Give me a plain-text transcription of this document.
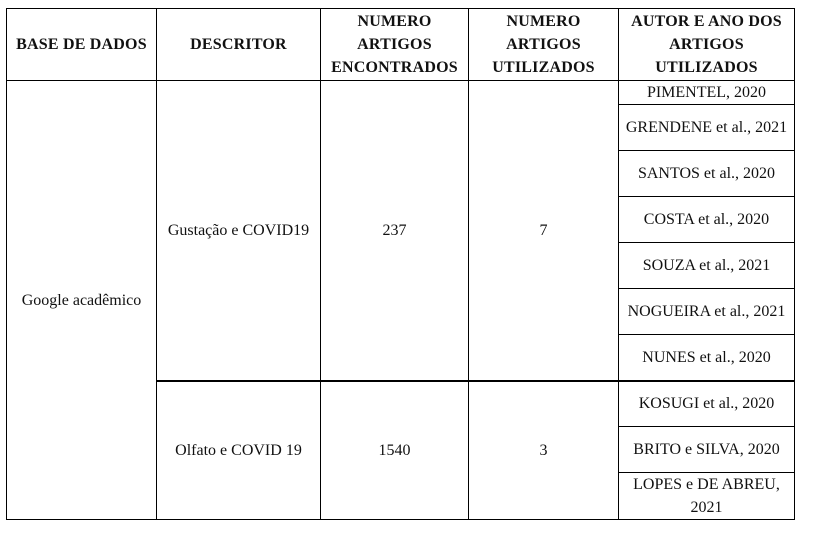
BASE DE DADOS	DESCRITOR	NUMERO ARTIGOS ENCONTRADOS	NUMERO ARTIGOS UTILIZADOS	AUTOR E ANO DOS ARTIGOS UTILIZADOS
Google acadêmico	Gustação e COVID19	237	7	PIMENTEL, 2020
				GRENDENE et al., 2021
				SANTOS et al., 2020
				COSTA et al., 2020
				SOUZA et al., 2021
				NOGUEIRA et al., 2021
				NUNES et al., 2020
	Olfato e COVID 19	1540	3	KOSUGI et al., 2020
				BRITO e SILVA, 2020
				LOPES e DE ABREU, 2021
